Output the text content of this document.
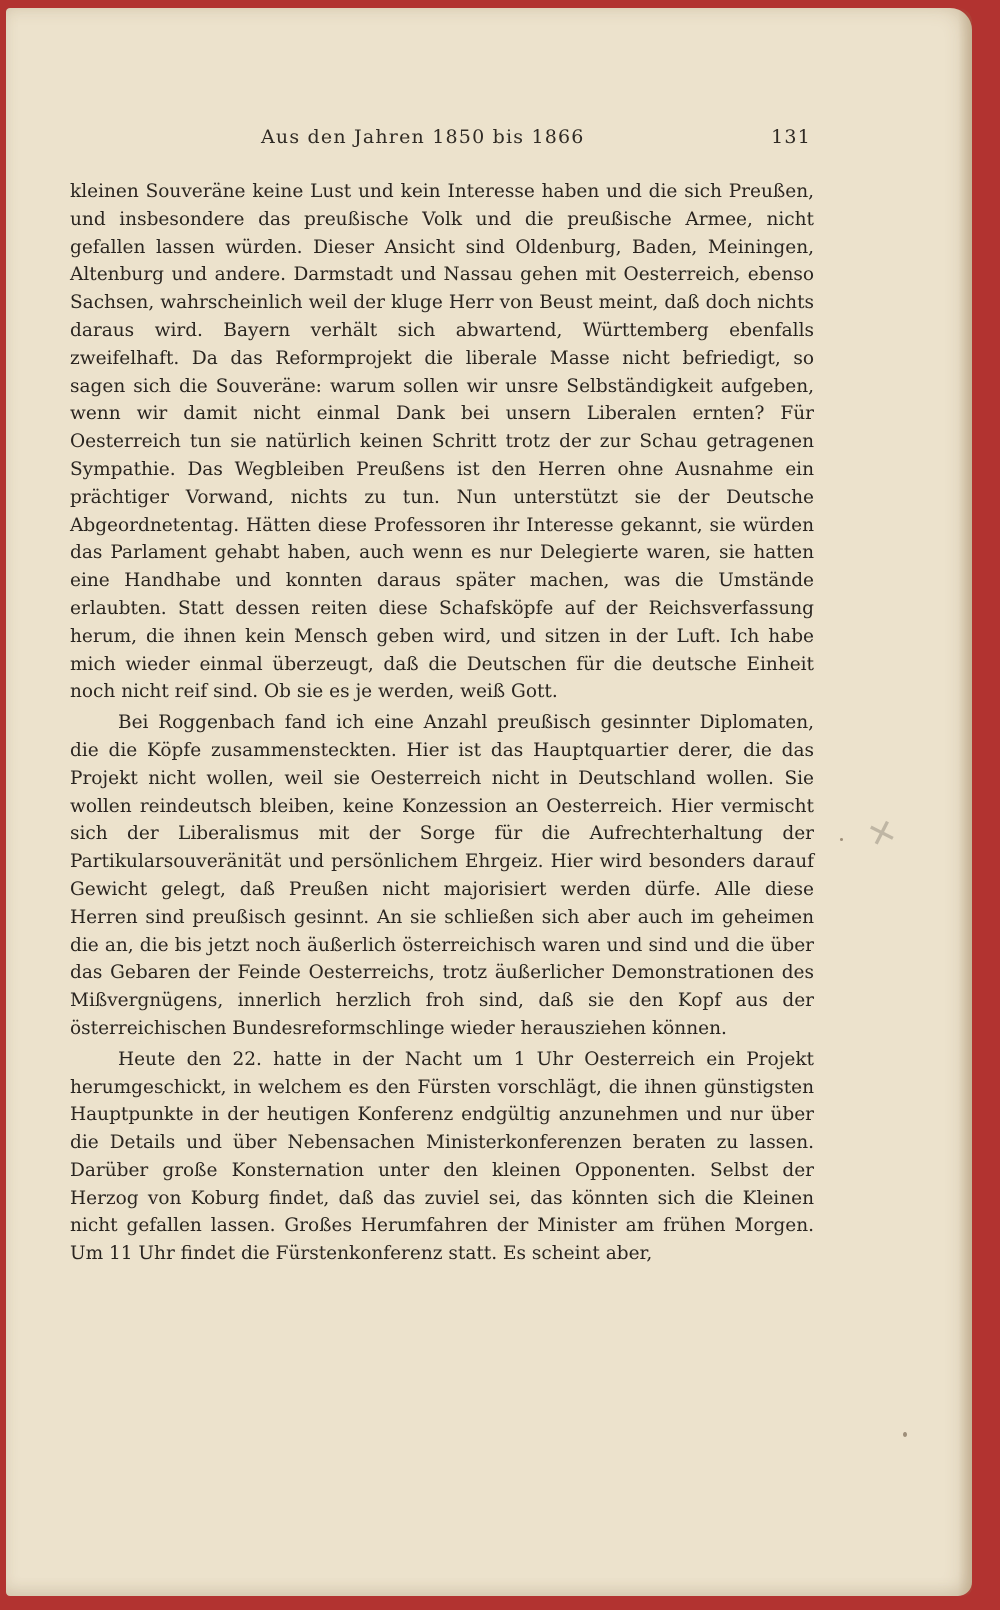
Aus den Jahren 1850 bis 1866	131

kleinen Souveräne keine Lust und kein Interesse haben und die sich Preußen, und insbesondere das preußische Volk und die preußische Armee, nicht gefallen lassen würden. Dieser Ansicht sind Oldenburg, Baden, Meiningen, Altenburg und andere. Darmstadt und Nassau gehen mit Oesterreich, ebenso Sachsen, wahrscheinlich weil der kluge Herr von Beust meint, daß doch nichts daraus wird. Bayern verhält sich abwartend, Württemberg ebenfalls zweifelhaft. Da das Reformprojekt die liberale Masse nicht befriedigt, so sagen sich die Souveräne: warum sollen wir unsre Selbständigkeit aufgeben, wenn wir damit nicht einmal Dank bei unsern Liberalen ernten? Für Oesterreich tun sie natürlich keinen Schritt trotz der zur Schau getragenen Sympathie. Das Wegbleiben Preußens ist den Herren ohne Ausnahme ein prächtiger Vorwand, nichts zu tun. Nun unterstützt sie der Deutsche Abgeordnetentag. Hätten diese Professoren ihr Interesse gekannt, sie würden das Parlament gehabt haben, auch wenn es nur Delegierte waren, sie hatten eine Handhabe und konnten daraus später machen, was die Umstände erlaubten. Statt dessen reiten diese Schafsköpfe auf der Reichsverfassung herum, die ihnen kein Mensch geben wird, und sitzen in der Luft. Ich habe mich wieder einmal überzeugt, daß die Deutschen für die deutsche Einheit noch nicht reif sind. Ob sie es je werden, weiß Gott.

Bei Roggenbach fand ich eine Anzahl preußisch gesinnter Diplomaten, die die Köpfe zusammensteckten. Hier ist das Hauptquartier derer, die das Projekt nicht wollen, weil sie Oesterreich nicht in Deutschland wollen. Sie wollen reindeutsch bleiben, keine Konzession an Oesterreich. Hier vermischt sich der Liberalismus mit der Sorge für die Aufrechterhaltung der Partikularsouveränität und persönlichem Ehrgeiz. Hier wird besonders darauf Gewicht gelegt, daß Preußen nicht majorisiert werden dürfe. Alle diese Herren sind preußisch gesinnt. An sie schließen sich aber auch im geheimen die an, die bis jetzt noch äußerlich österreichisch waren und sind und die über das Gebaren der Feinde Oesterreichs, trotz äußerlicher Demonstrationen des Mißvergnügens, innerlich herzlich froh sind, daß sie den Kopf aus der österreichischen Bundesreformschlinge wieder herausziehen können.

Heute den 22. hatte in der Nacht um 1 Uhr Oesterreich ein Projekt herumgeschickt, in welchem es den Fürsten vorschlägt, die ihnen günstigsten Hauptpunkte in der heutigen Konferenz endgültig anzunehmen und nur über die Details und über Nebensachen Ministerkonferenzen beraten zu lassen. Darüber große Konsternation unter den kleinen Opponenten. Selbst der Herzog von Koburg findet, daß das zuviel sei, das könnten sich die Kleinen nicht gefallen lassen. Großes Herumfahren der Minister am frühen Morgen. Um 11 Uhr findet die Fürstenkonferenz statt. Es scheint aber,

✕
